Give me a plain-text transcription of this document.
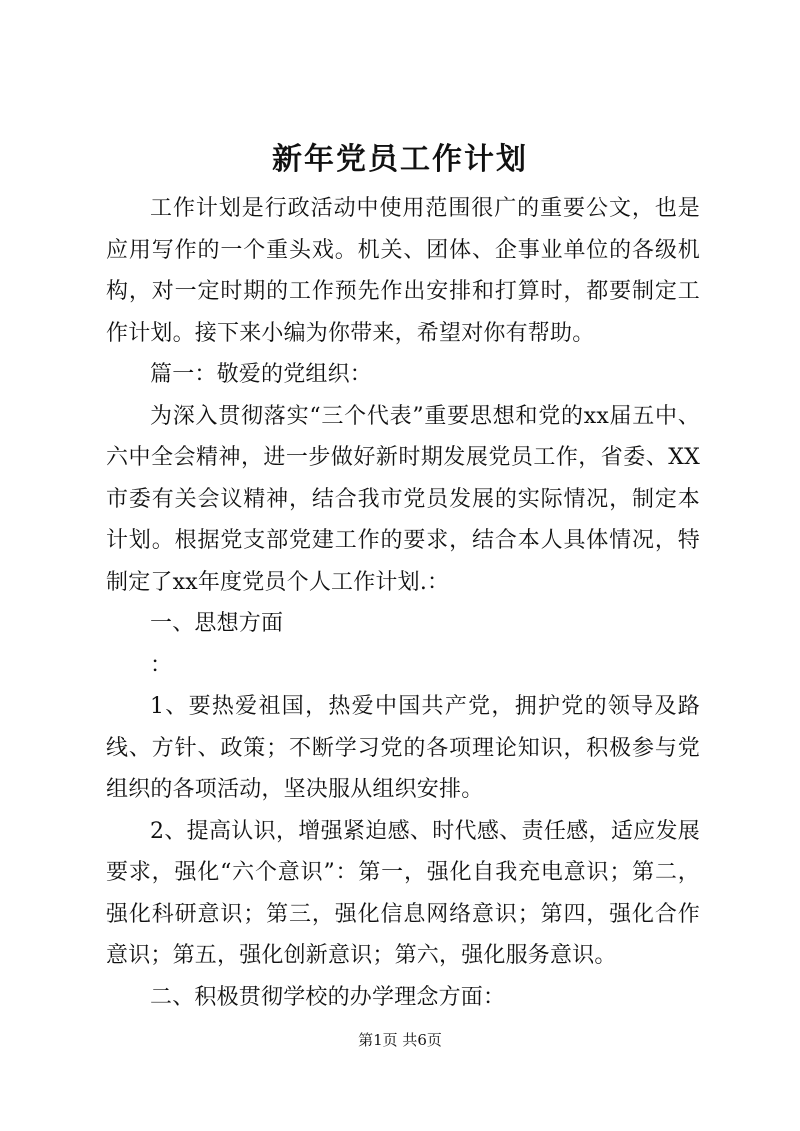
新年党员工作计划

工作计划是行政活动中使用范围很广的重要公文，也是应用写作的一个重头戏。机关、团体、企事业单位的各级机构，对一定时期的工作预先作出安排和打算时，都要制定工作计划。接下来小编为你带来，希望对你有帮助。

篇一：敬爱的党组织：

为深入贯彻落实“三个代表”重要思想和党的xx届五中、六中全会精神，进一步做好新时期发展党员工作，省委、XX市委有关会议精神，结合我市党员发展的实际情况，制定本计划。根据党支部党建工作的要求，结合本人具体情况，特制定了xx年度党员个人工作计划.：

一、思想方面

：

1、要热爱祖国，热爱中国共产党，拥护党的领导及路线、方针、政策；不断学习党的各项理论知识，积极参与党组织的各项活动，坚决服从组织安排。

2、提高认识，增强紧迫感、时代感、责任感，适应发展要求，强化“六个意识”：第一，强化自我充电意识；第二，强化科研意识；第三，强化信息网络意识；第四，强化合作意识；第五，强化创新意识；第六，强化服务意识。

二、积极贯彻学校的办学理念方面：

第1页 共6页
